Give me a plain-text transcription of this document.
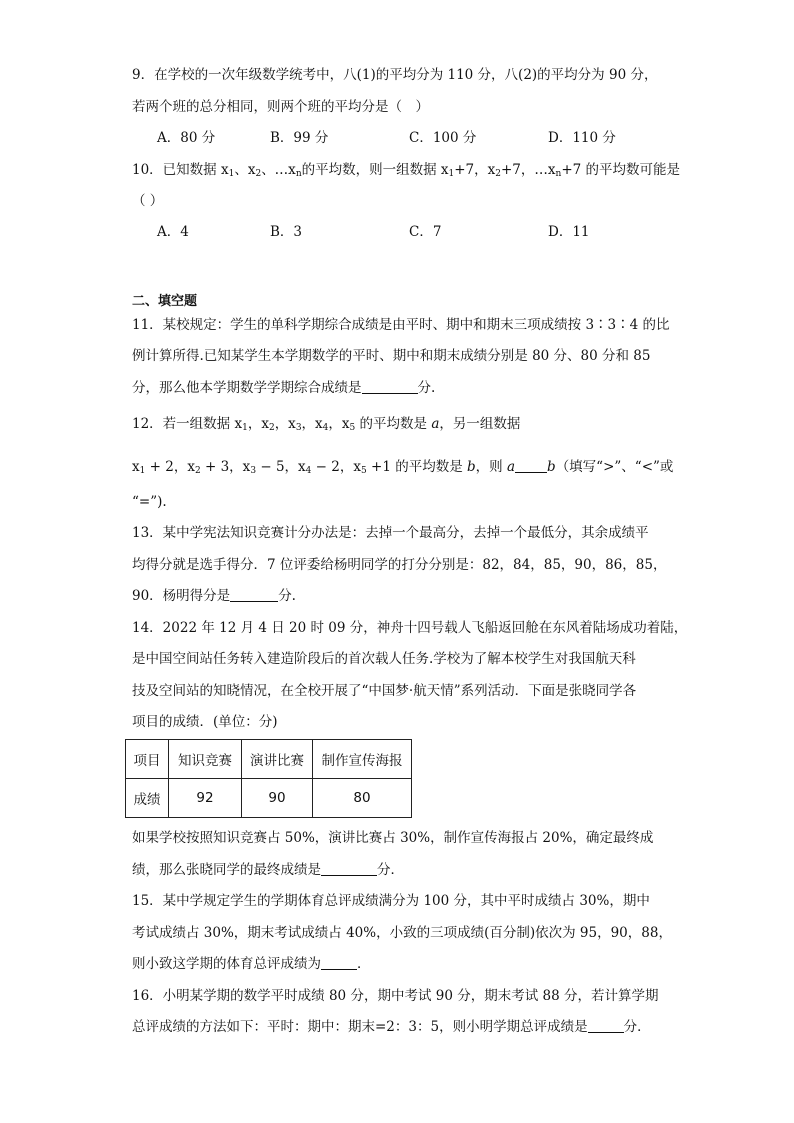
9．在学校的一次年级数学统考中，八(1)的平均分为 110 分，八(2)的平均分为 90 分，
若两个班的总分相同，则两个班的平均分是（　）
A．80 分	B．99 分	C．100 分	D．110 分
10．已知数据 $x_1$、$x_2$、$\dots x_n$的平均数，则一组数据 $x_1+7$，$x_2+7$，$\dots x_n+7$ 的平均数可能是
（ ）
A．4	B．3	C．7	D．11
二、填空题
11．某校规定：学生的单科学期综合成绩是由平时、期中和期末三项成绩按 3∶3∶4 的比
例计算所得.已知某学生本学期数学的平时、期中和期末成绩分别是 80 分、80 分和 85
分，那么他本学期数学学期综合成绩是	分.
12．若一组数据 $x_1$，$x_2$，$x_3$，$x_4$，$x_5$ 的平均数是 a，另一组数据
$x_1 + 2$，$x_2 + 3$，$x_3 - 5$，$x_4 - 2$，$x_5 +1$ 的平均数是 b，则 a b（填写“>”、“<”或
“=”).
13．某中学宪法知识竞赛计分办法是：去掉一个最高分，去掉一个最低分，其余成绩平
均得分就是选手得分．7 位评委给杨明同学的打分分别是：82，84，85，90，86，85，
90．杨明得分是	分.
14．2022 年 12 月 4 日 20 时 09 分，神舟十四号载人飞船返回舱在东风着陆场成功着陆，
是中国空间站任务转入建造阶段后的首次载人任务.学校为了解本校学生对我国航天科
技及空间站的知晓情况，在全校开展了“中国梦·航天情”系列活动．下面是张晓同学各
项目的成绩．(单位：分)
项目	知识竞赛	演讲比赛	制作宣传海报
成绩	92	90	80
如果学校按照知识竞赛占 50%，演讲比赛占 30%，制作宣传海报占 20%，确定最终成
绩，那么张晓同学的最终成绩是	分．
15．某中学规定学生的学期体育总评成绩满分为 100 分，其中平时成绩占 30%，期中
考试成绩占 30%，期末考试成绩占 40%，小致的三项成绩(百分制)依次为 95，90，88，
则小致这学期的体育总评成绩为	．
16．小明某学期的数学平时成绩 80 分，期中考试 90 分，期末考试 88 分，若计算学期
总评成绩的方法如下：平时：期中：期末=2：3：5，则小明学期总评成绩是	分．
